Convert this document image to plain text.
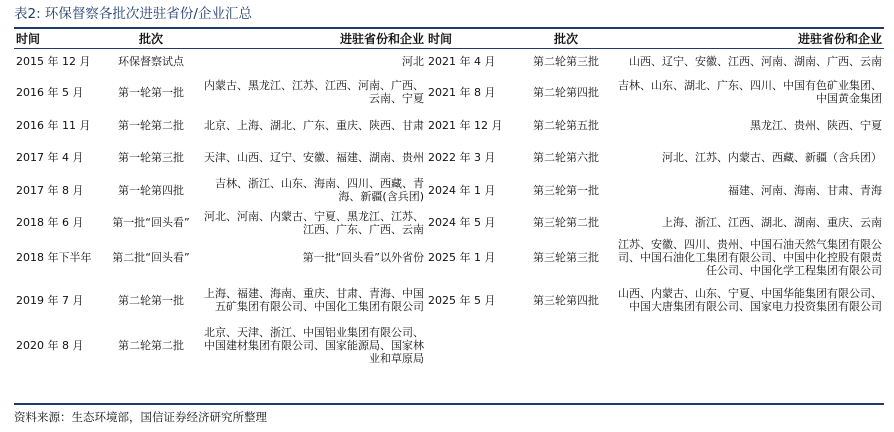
表2: 环保督察各批次进驻省份/企业汇总
时间	批次	进驻省份和企业	时间	批次	进驻省份和企业
2015 年 12 月	环保督察试点	河北	2021 年 4 月	第二轮第三批	山西、辽宁、安徽、江西、河南、湖南、广西、云南
2016 年 5 月	第一轮第一批	内蒙古、黑龙江、江苏、江西、河南、广西、云南、宁夏	2021 年 8 月	第二轮第四批	吉林、山东、湖北、广东、四川、中国有色矿业集团、中国黄金集团
2016 年 11 月	第一轮第二批	北京、上海、湖北、广东、重庆、陕西、甘肃	2021 年 12 月	第二轮第五批	黑龙江、贵州、陕西、宁夏
2017 年 4 月	第一轮第三批	天津、山西、辽宁、安徽、福建、湖南、贵州	2022 年 3 月	第二轮第六批	河北、江苏、内蒙古、西藏、新疆（含兵团）
2017 年 8 月	第一轮第四批	吉林、浙江、山东、海南、四川、西藏、青海、新疆(含兵团)	2024 年 1 月	第三轮第一批	福建、河南、海南、甘肃、青海
2018 年 6 月	第一批“回头看”	河北、河南、内蒙古、宁夏、黑龙江、江苏、江西、广东、广西、云南	2024 年 5 月	第三轮第二批	上海、浙江、江西、湖北、湖南、重庆、云南
2018 年下半年	第二批“回头看”	第一批“回头看”以外省份	2025 年 1 月	第三轮第三批	江苏、安徽、四川、贵州、中国石油天然气集团有限公司、中国石油化工集团有限公司、中国中化控股有限责任公司、中国化学工程集团有限公司
2019 年 7 月	第二轮第一批	上海、福建、海南、重庆、甘肃、青海、中国五矿集团有限公司、中国化工集团有限公司	2025 年 5 月	第三轮第四批	山西、内蒙古、山东、宁夏、中国华能集团有限公司、中国大唐集团有限公司、国家电力投资集团有限公司
2020 年 8 月	第二轮第二批	北京、天津、浙江、中国铝业集团有限公司、中国建材集团有限公司、国家能源局、国家林业和草原局			
资料来源：生态环境部，国信证券经济研究所整理
